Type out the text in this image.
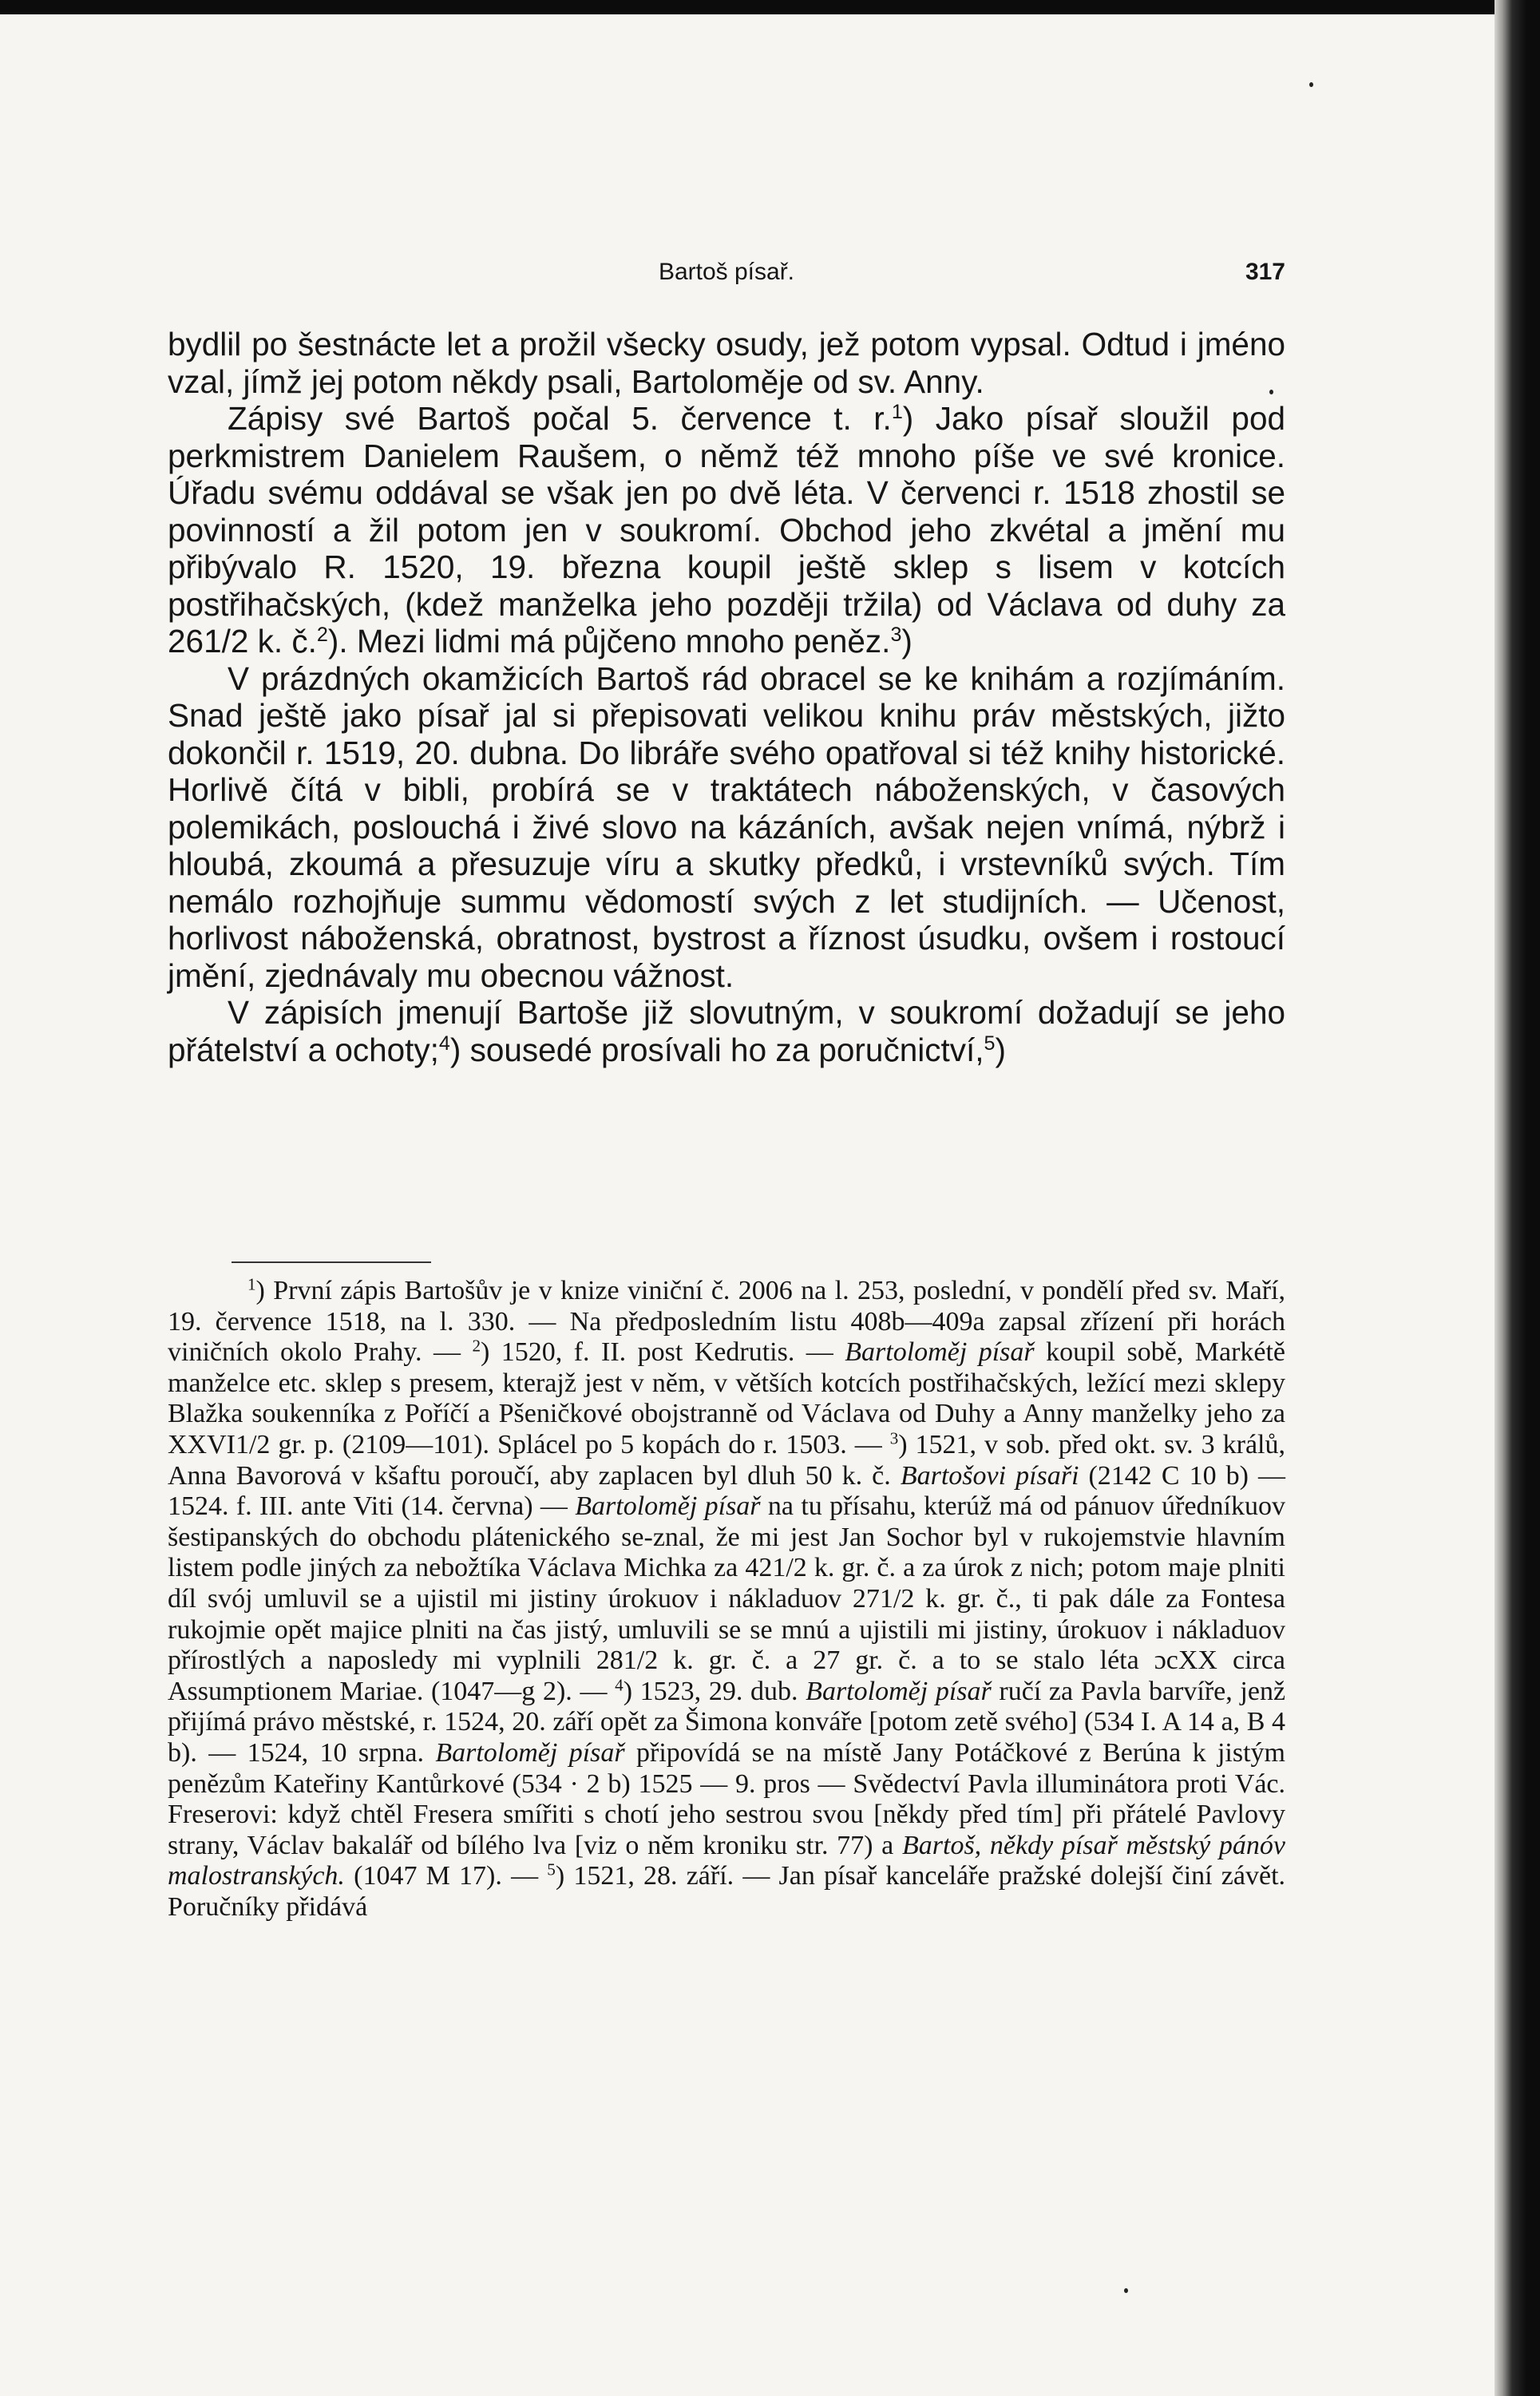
Bartoš písař.	317

bydlil po šestnácte let a prožil všecky osudy, jež potom vypsal. Odtud i jméno vzal, jímž jej potom někdy psali, Bartoloměje od sv. Anny.

Zápisy své Bartoš počal 5. července t. r.$^1$) Jako písař sloužil pod perkmistrem Danielem Raušem, o němž též mnoho píše ve své kronice. Úřadu svému oddával se však jen po dvě léta. V červenci r. 1518 zhostil se povinností a žil potom jen v soukromí. Obchod jeho zkvétal a jmění mu přibývalo R. 1520, 19. března koupil ještě sklep s lisem v kotcích postřihačských, (kdež manželka jeho později tržila) od Václava od duhy za 261/2 k. č.$^2$). Mezi lidmi má půjčeno mnoho peněz.$^3$)

V prázdných okamžicích Bartoš rád obracel se ke knihám a rozjímáním. Snad ještě jako písař jal si přepisovati velikou knihu práv městských, jižto dokončil r. 1519, 20. dubna. Do libráře svého opatřoval si též knihy historické. Horlivě čítá v bibli, probírá se v traktátech náboženských, v časových polemikách, poslouchá i živé slovo na kázáních, avšak nejen vnímá, nýbrž i hloubá, zkoumá a přesuzuje víru a skutky předků, i vrstevníků svých. Tím nemálo rozhojňuje summu vědomostí svých z let studijních. — Učenost, horlivost náboženská, obratnost, bystrost a říznost úsudku, ovšem i rostoucí jmění, zjednávaly mu obecnou vážnost.

V zápisích jmenují Bartoše již slovutným, v soukromí dožadují se jeho přátelství a ochoty;$^4$) sousedé prosívali ho za poručnictví,$^5$)

$^1$) První zápis Bartošův je v knize viniční č. 2006 na l. 253, poslední, v pondělí před sv. Maří, 19. července 1518, na l. 330. — Na předposledním listu 408b—409a zapsal zřízení při horách viničních okolo Prahy. — $^2$) 1520, f. II. post Kedrutis. — Bartoloměj písař koupil sobě, Markétě manželce etc. sklep s presem, kterajž jest v něm, v větších kotcích postřihačských, ležící mezi sklepy Blažka soukenníka z Poříčí a Pšeničkové obojstranně od Václava od Duhy a Anny manželky jeho za XXVI1/2 gr. p. (2109—101). Splácel po 5 kopách do r. 1503. — $^3$) 1521, v sob. před okt. sv. 3 králů, Anna Bavorová v kšaftu poroučí, aby zaplacen byl dluh 50 k. č. Bartošovi písaři (2142 C 10 b) — 1524. f. III. ante Viti (14. června) — Bartoloměj písař na tu přísahu, kterúž má od pánuov úředníkuov šestipanských do obchodu plátenického se-znal, že mi jest Jan Sochor byl v rukojemstvie hlavním listem podle jiných za nebožtíka Václava Michka za 421/2 k. gr. č. a za úrok z nich; potom maje plniti díl svój umluvil se a ujistil mi jistiny úrokuov i nákladuov 271/2 k. gr. č., ti pak dále za Fontesa rukojmie opět majice plniti na čas jistý, umluvili se se mnú a ujistili mi jistiny, úrokuov i nákladuov přírostlých a naposledy mi vyplnili 281/2 k. gr. č. a 27 gr. č. a to se stalo léta ɔcXX circa Assumptionem Mariae. (1047—g 2). — $^4$) 1523, 29. dub. Bartoloměj písař ručí za Pavla barvíře, jenž přijímá právo městské, r. 1524, 20. září opět za Šimona konváře [potom zetě svého] (534 I. A 14 a, B 4 b). — 1524, 10 srpna. Bartoloměj písař připovídá se na místě Jany Potáčkové z Berúna k jistým penězům Kateřiny Kantůrkové (534 · 2 b) 1525 — 9. pros — Svědectví Pavla illuminátora proti Vác. Freserovi: když chtěl Fresera smířiti s chotí jeho sestrou svou [někdy před tím] při přátelé Pavlovy strany, Václav bakalář od bílého lva [viz o něm kroniku str. 77) a Bartoš, někdy písař městský pánóv malostranských. (1047 M 17). — $^5$) 1521, 28. září. — Jan písař kanceláře pražské dolejší činí závět. Poručníky přidává
